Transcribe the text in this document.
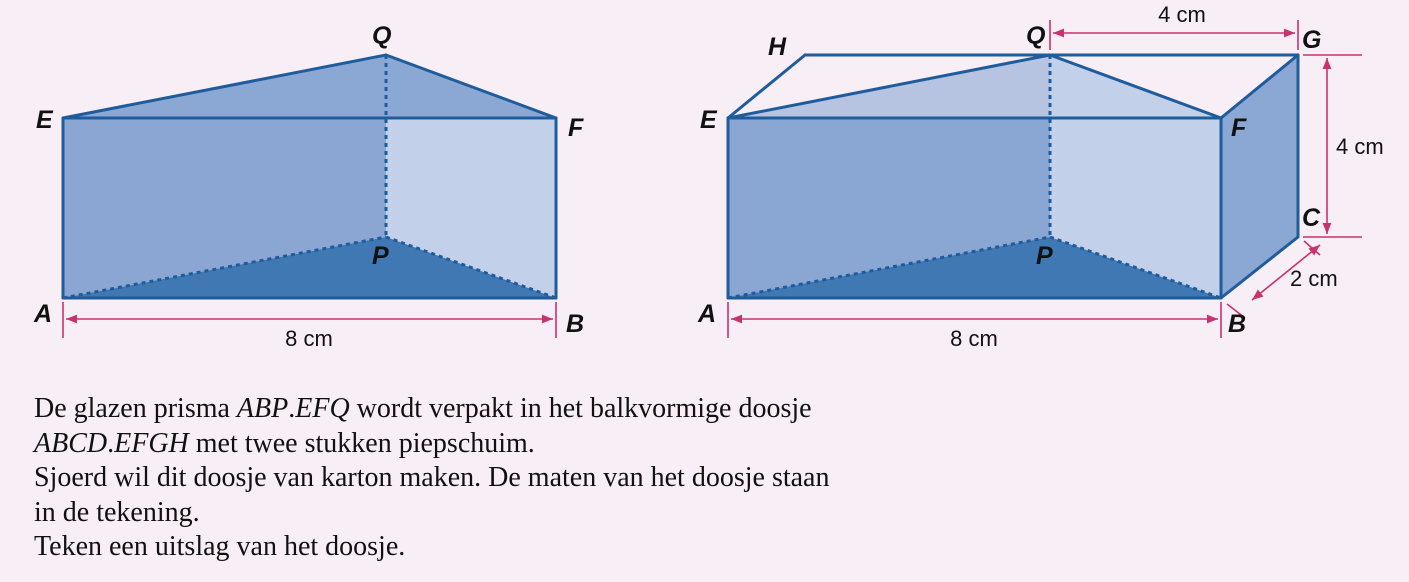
8 cm
E
Q
F
P
A	B
8 cm
4 cm
4 cm
2 cm
H	Q	G
E	F
C
P
A	B
De glazen prisma ABP.EFQ wordt verpakt in het balkvormige doosje
ABCD.EFGH met twee stukken piepschuim.
Sjoerd wil dit doosje van karton maken. De maten van het doosje staan
in de tekening.
Teken een uitslag van het doosje.
